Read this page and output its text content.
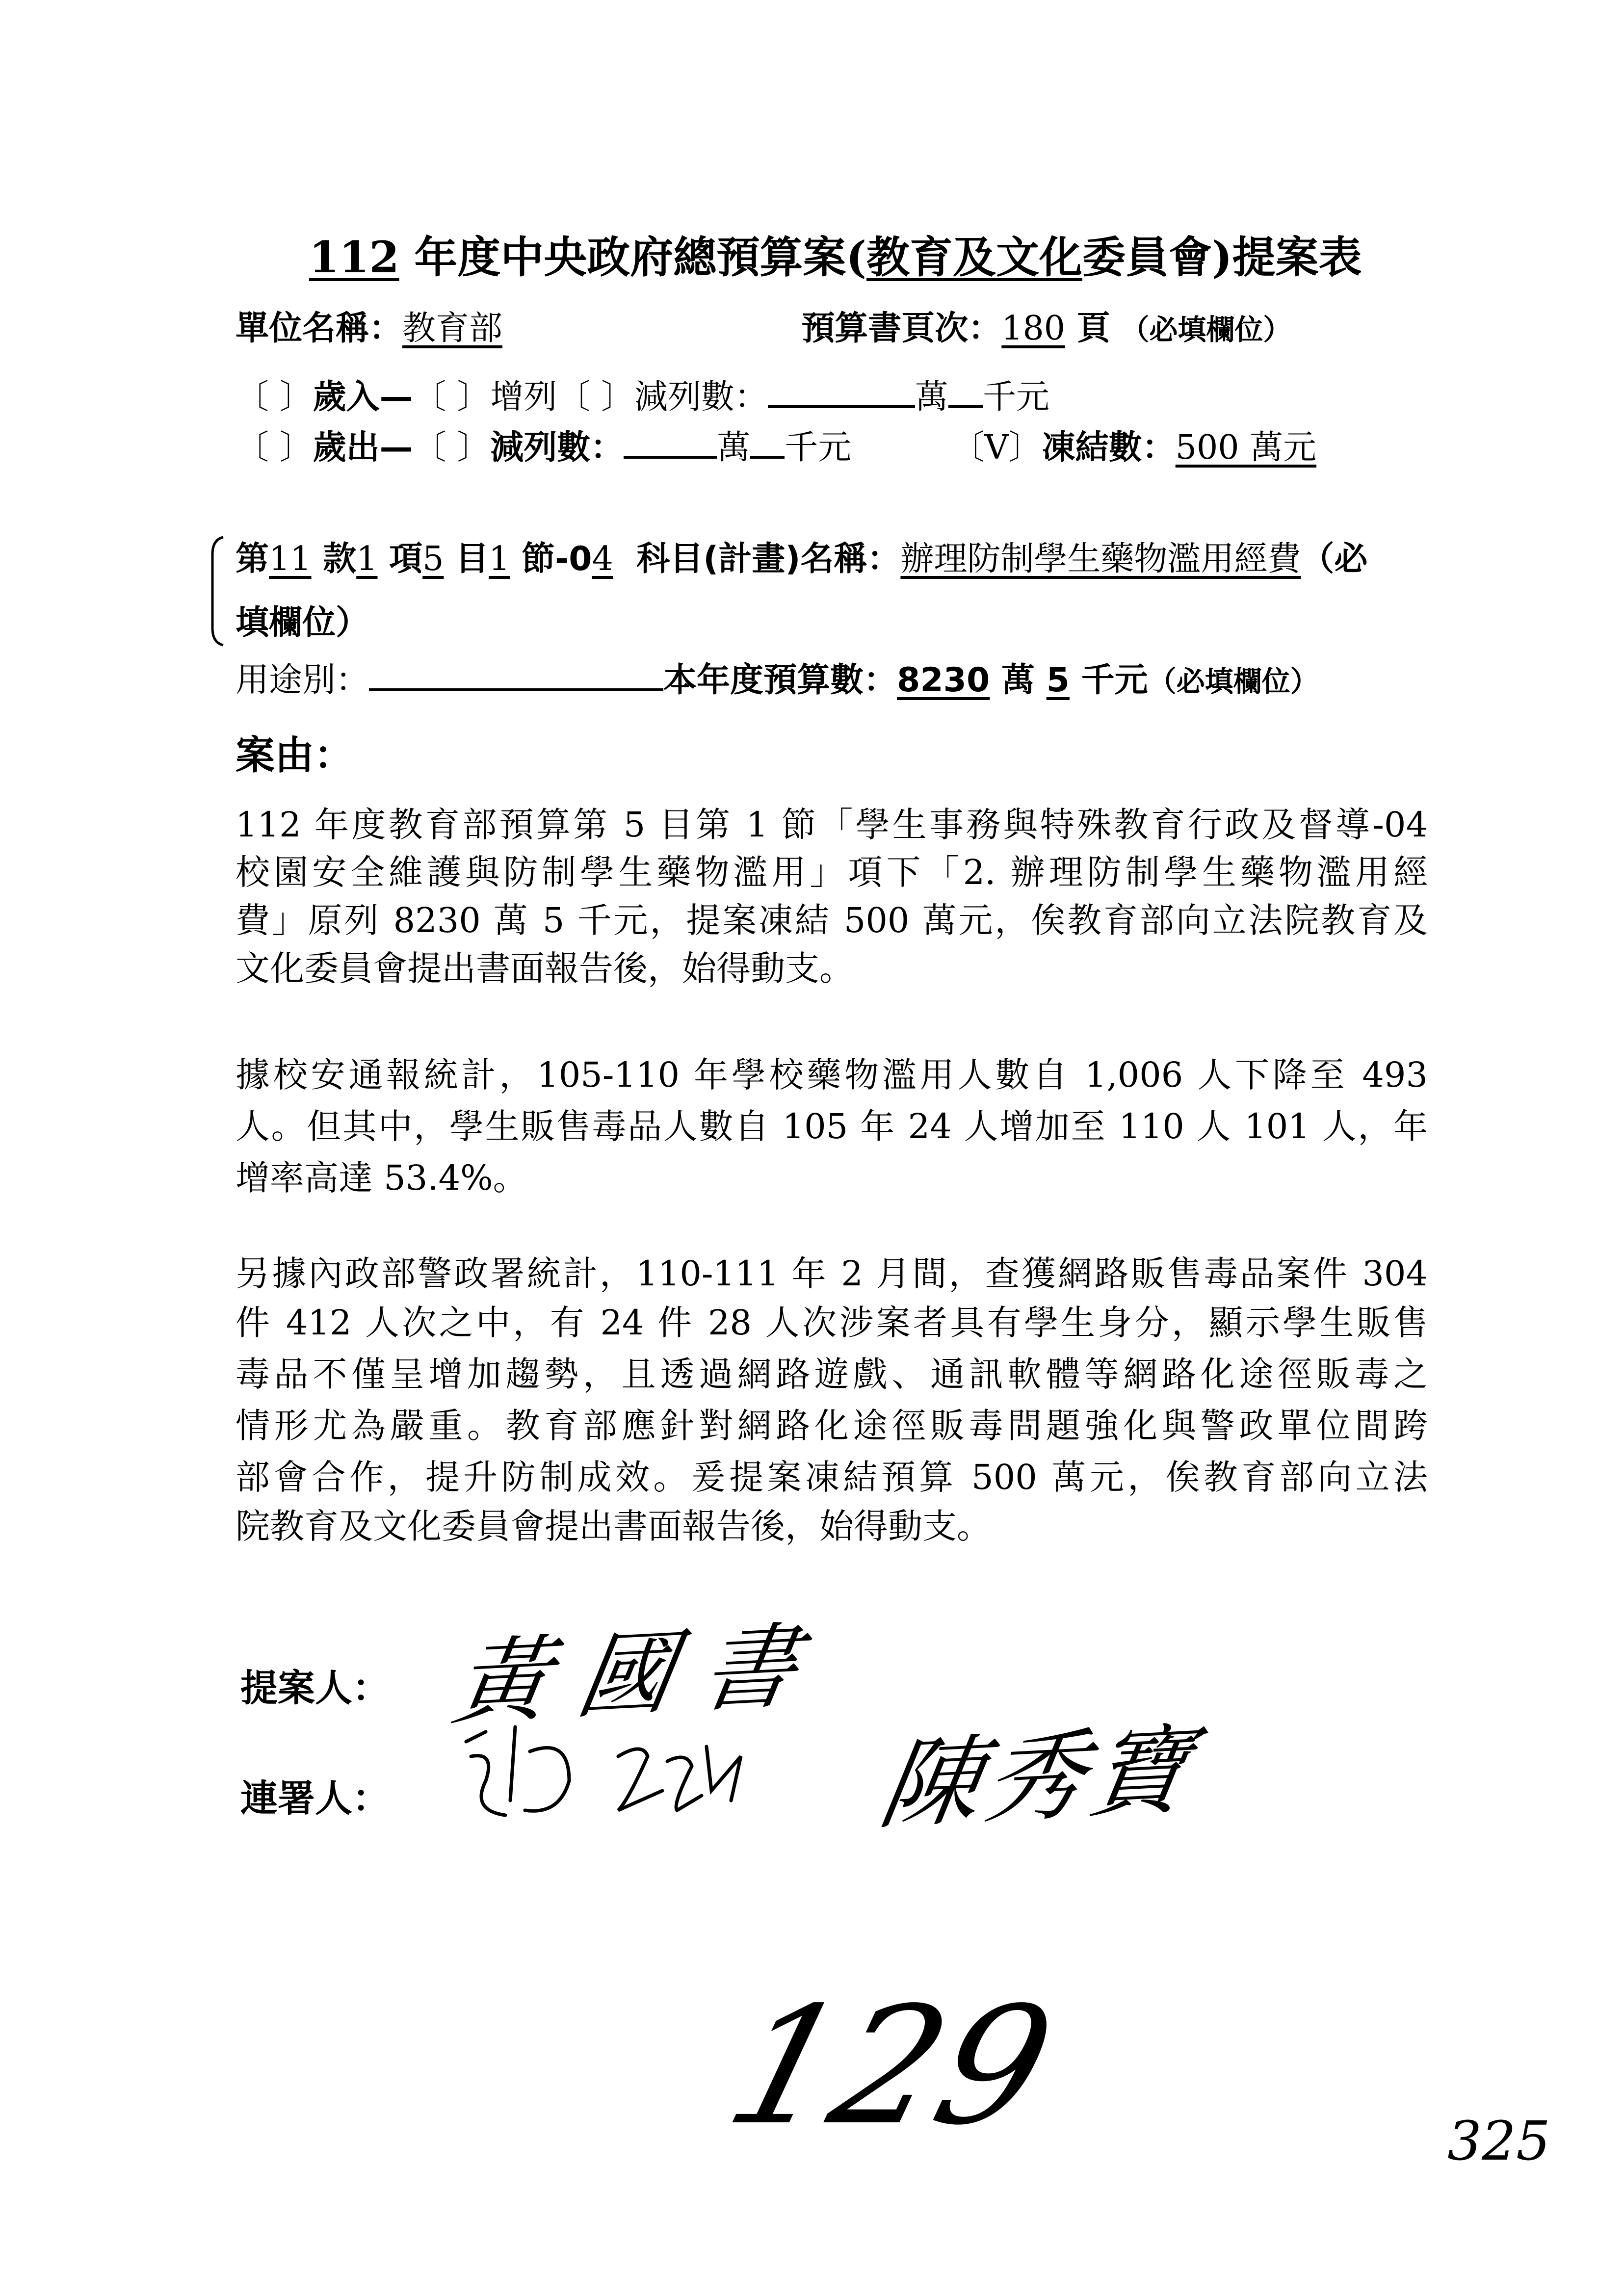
112 年度中央政府總預算案(教育及文化委員會)提案表
單位名稱：教育部	預算書頁次：180 頁 （必填欄位）
〔 〕歲入—〔 〕增列〔 〕減列數：	萬 千元
〔 〕歲出—〔 〕減列數：	萬 千元	〔V〕凍結數：500 萬元
第11 款1 項5 目1 節-04  科目(計畫)名稱：辦理防制學生藥物濫用經費（必
填欄位）
用途別：	本年度預算數：8230 萬 5 千元（必填欄位）
案由：
112 年度教育部預算第 5 目第 1 節「學生事務與特殊教育行政及督導-04
校園安全維護與防制學生藥物濫用」項下「2. 辦理防制學生藥物濫用經
費」原列 8230 萬 5 千元，提案凍結 500 萬元，俟教育部向立法院教育及
文化委員會提出書面報告後，始得動支。
據校安通報統計，105-110 年學校藥物濫用人數自 1,006 人下降至 493
人。但其中，學生販售毒品人數自 105 年 24 人增加至 110 人 101 人，年
增率高達 53.4%。
另據內政部警政署統計，110-111 年 2 月間，查獲網路販售毒品案件 304
件 412 人次之中，有 24 件 28 人次涉案者具有學生身分，顯示學生販售
毒品不僅呈增加趨勢，且透過網路遊戲、通訊軟體等網路化途徑販毒之
情形尤為嚴重。教育部應針對網路化途徑販毒問題強化與警政單位間跨
部會合作，提升防制成效。爰提案凍結預算 500 萬元，俟教育部向立法
院教育及文化委員會提出書面報告後，始得動支。
提案人： 黃國書
連署人：	陳秀寶
129	325
